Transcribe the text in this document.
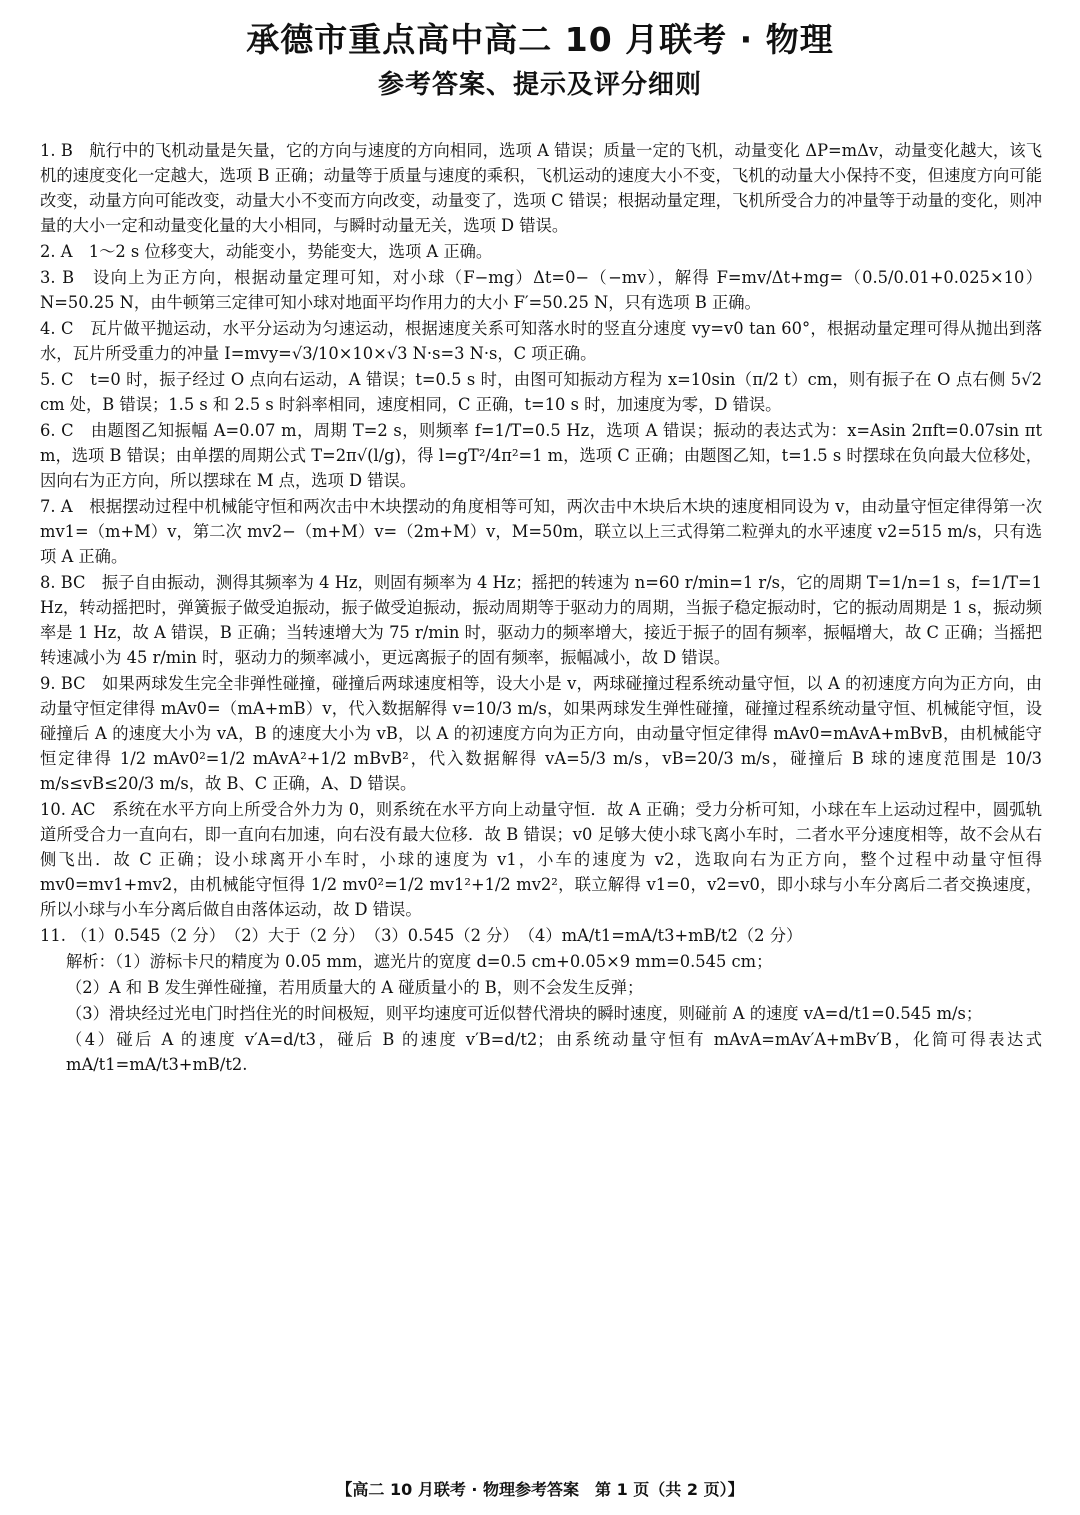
承德市重点高中高二 10 月联考 · 物理
参考答案、提示及评分细则

1. B　航行中的飞机动量是矢量，它的方向与速度的方向相同，选项 A 错误；质量一定的飞机，动量变化 ΔP=mΔv，动量变化越大，该飞机的速度变化一定越大，选项 B 正确；动量等于质量与速度的乘积，飞机运动的速度大小不变，飞机的动量大小保持不变，但速度方向可能改变，动量方向可能改变，动量大小不变而方向改变，动量变了，选项 C 错误；根据动量定理，飞机所受合力的冲量等于动量的变化，则冲量的大小一定和动量变化量的大小相同，与瞬时动量无关，选项 D 错误。

2. A　1～2 s 位移变大，动能变小，势能变大，选项 A 正确。

3. B　设向上为正方向，根据动量定理可知，对小球（F−mg）Δt=0−（−mv），解得 F=mv/Δt+mg=（0.5/0.01+0.025×10）N=50.25 N，由牛顿第三定律可知小球对地面平均作用力的大小 F′=50.25 N，只有选项 B 正确。

4. C　瓦片做平抛运动，水平分运动为匀速运动，根据速度关系可知落水时的竖直分速度 vy=v0 tan 60°，根据动量定理可得从抛出到落水，瓦片所受重力的冲量 I=mvy=√3/10×10×√3 N·s=3 N·s，C 项正确。

5. C　t=0 时，振子经过 O 点向右运动，A 错误；t=0.5 s 时，由图可知振动方程为 x=10sin（π/2 t）cm，则有振子在 O 点右侧 5√2 cm 处，B 错误；1.5 s 和 2.5 s 时斜率相同，速度相同，C 正确，t=10 s 时，加速度为零，D 错误。

6. C　由题图乙知振幅 A=0.07 m，周期 T=2 s，则频率 f=1/T=0.5 Hz，选项 A 错误；振动的表达式为：x=Asin 2πft=0.07sin πt m，选项 B 错误；由单摆的周期公式 T=2π√(l/g)，得 l=gT²/4π²=1 m，选项 C 正确；由题图乙知，t=1.5 s 时摆球在负向最大位移处，因向右为正方向，所以摆球在 M 点，选项 D 错误。

7. A　根据摆动过程中机械能守恒和两次击中木块摆动的角度相等可知，两次击中木块后木块的速度相同设为 v，由动量守恒定律得第一次 mv1=（m+M）v，第二次 mv2−（m+M）v=（2m+M）v，M=50m，联立以上三式得第二粒弹丸的水平速度 v2=515 m/s，只有选项 A 正确。

8. BC　振子自由振动，测得其频率为 4 Hz，则固有频率为 4 Hz；摇把的转速为 n=60 r/min=1 r/s，它的周期 T=1/n=1 s，f=1/T=1 Hz，转动摇把时，弹簧振子做受迫振动，振子做受迫振动，振动周期等于驱动力的周期，当振子稳定振动时，它的振动周期是 1 s，振动频率是 1 Hz，故 A 错误，B 正确；当转速增大为 75 r/min 时，驱动力的频率增大，接近于振子的固有频率，振幅增大，故 C 正确；当摇把转速减小为 45 r/min 时，驱动力的频率减小，更远离振子的固有频率，振幅减小，故 D 错误。

9. BC　如果两球发生完全非弹性碰撞，碰撞后两球速度相等，设大小是 v，两球碰撞过程系统动量守恒，以 A 的初速度方向为正方向，由动量守恒定律得 mAv0=（mA+mB）v，代入数据解得 v=10/3 m/s，如果两球发生弹性碰撞，碰撞过程系统动量守恒、机械能守恒，设碰撞后 A 的速度大小为 vA，B 的速度大小为 vB，以 A 的初速度方向为正方向，由动量守恒定律得 mAv0=mAvA+mBvB，由机械能守恒定律得 1/2 mAv0²=1/2 mAvA²+1/2 mBvB²，代入数据解得 vA=5/3 m/s，vB=20/3 m/s，碰撞后 B 球的速度范围是 10/3 m/s≤vB≤20/3 m/s，故 B、C 正确，A、D 错误。

10. AC　系统在水平方向上所受合外力为 0，则系统在水平方向上动量守恒．故 A 正确；受力分析可知，小球在车上运动过程中，圆弧轨道所受合力一直向右，即一直向右加速，向右没有最大位移．故 B 错误；v0 足够大使小球飞离小车时，二者水平分速度相等，故不会从右侧飞出．故 C 正确；设小球离开小车时，小球的速度为 v1，小车的速度为 v2，选取向右为正方向，整个过程中动量守恒得 mv0=mv1+mv2，由机械能守恒得 1/2 mv0²=1/2 mv1²+1/2 mv2²，联立解得 v1=0，v2=v0，即小球与小车分离后二者交换速度，所以小球与小车分离后做自由落体运动，故 D 错误。

11. （1）0.545（2 分）　（2）大于（2 分）　（3）0.545（2 分）　（4）mA/t1=mA/t3+mB/t2（2 分）

解析：（1）游标卡尺的精度为 0.05 mm，遮光片的宽度 d=0.5 cm+0.05×9 mm=0.545 cm；

（2）A 和 B 发生弹性碰撞，若用质量大的 A 碰质量小的 B，则不会发生反弹；

（3）滑块经过光电门时挡住光的时间极短，则平均速度可近似替代滑块的瞬时速度，则碰前 A 的速度 vA=d/t1=0.545 m/s；

（4）碰后 A 的速度 v′A=d/t3，碰后 B 的速度 v′B=d/t2；由系统动量守恒有 mAvA=mAv′A+mBv′B，化简可得表达式 mA/t1=mA/t3+mB/t2.

【高二 10 月联考 · 物理参考答案　第 1 页（共 2 页）】
